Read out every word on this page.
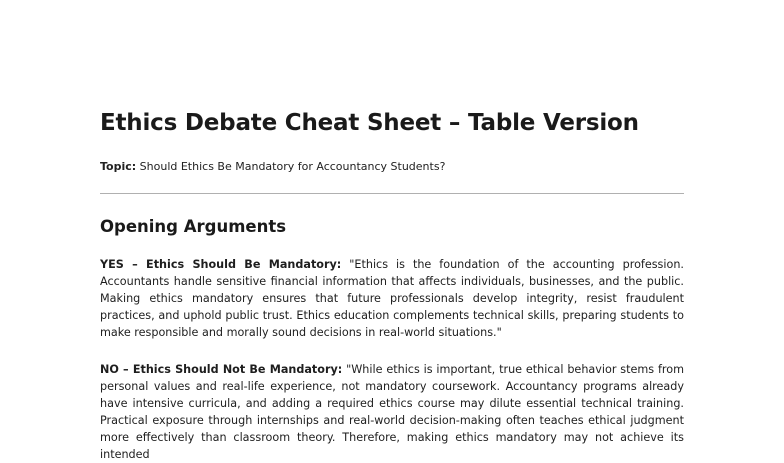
Ethics Debate Cheat Sheet – Table Version
Topic: Should Ethics Be Mandatory for Accountancy Students?
Opening Arguments

YES – Ethics Should Be Mandatory: "Ethics is the foundation of the accounting profession. Accountants handle sensitive financial information that affects individuals, businesses, and the public. Making ethics mandatory ensures that future professionals develop integrity, resist fraudulent practices, and uphold public trust. Ethics education complements technical skills, preparing students to make responsible and morally sound decisions in real-world situations."

NO – Ethics Should Not Be Mandatory: "While ethics is important, true ethical behavior stems from personal values and real-life experience, not mandatory coursework. Accountancy programs already have intensive curricula, and adding a required ethics course may dilute essential technical training. Practical exposure through internships and real-world decision-making often teaches ethical judgment more effectively than classroom theory. Therefore, making ethics mandatory may not achieve its intended
